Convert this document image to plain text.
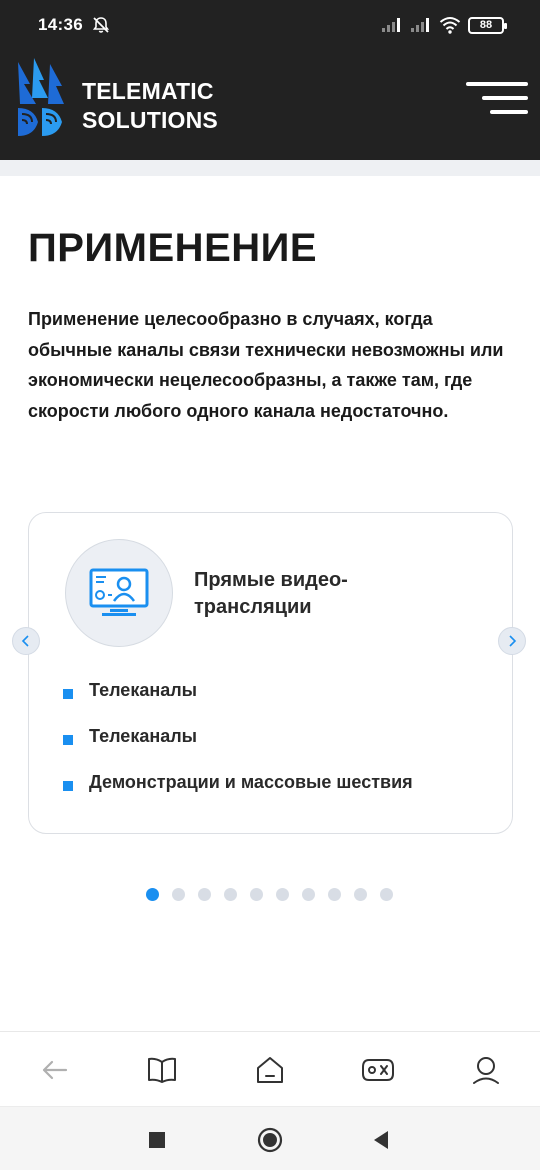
14:36	88
TELEMATIC
SOLUTIONS
ПРИМЕНЕНИЕ

Применение целесообразно в случаях, когда обычные каналы связи технически невозможны или экономически нецелесообразны, а также там, где скорости любого одного канала недостаточно.

Прямые видео-трансляции
Телеканалы
Телеканалы
Демонстрации и массовые шествия
